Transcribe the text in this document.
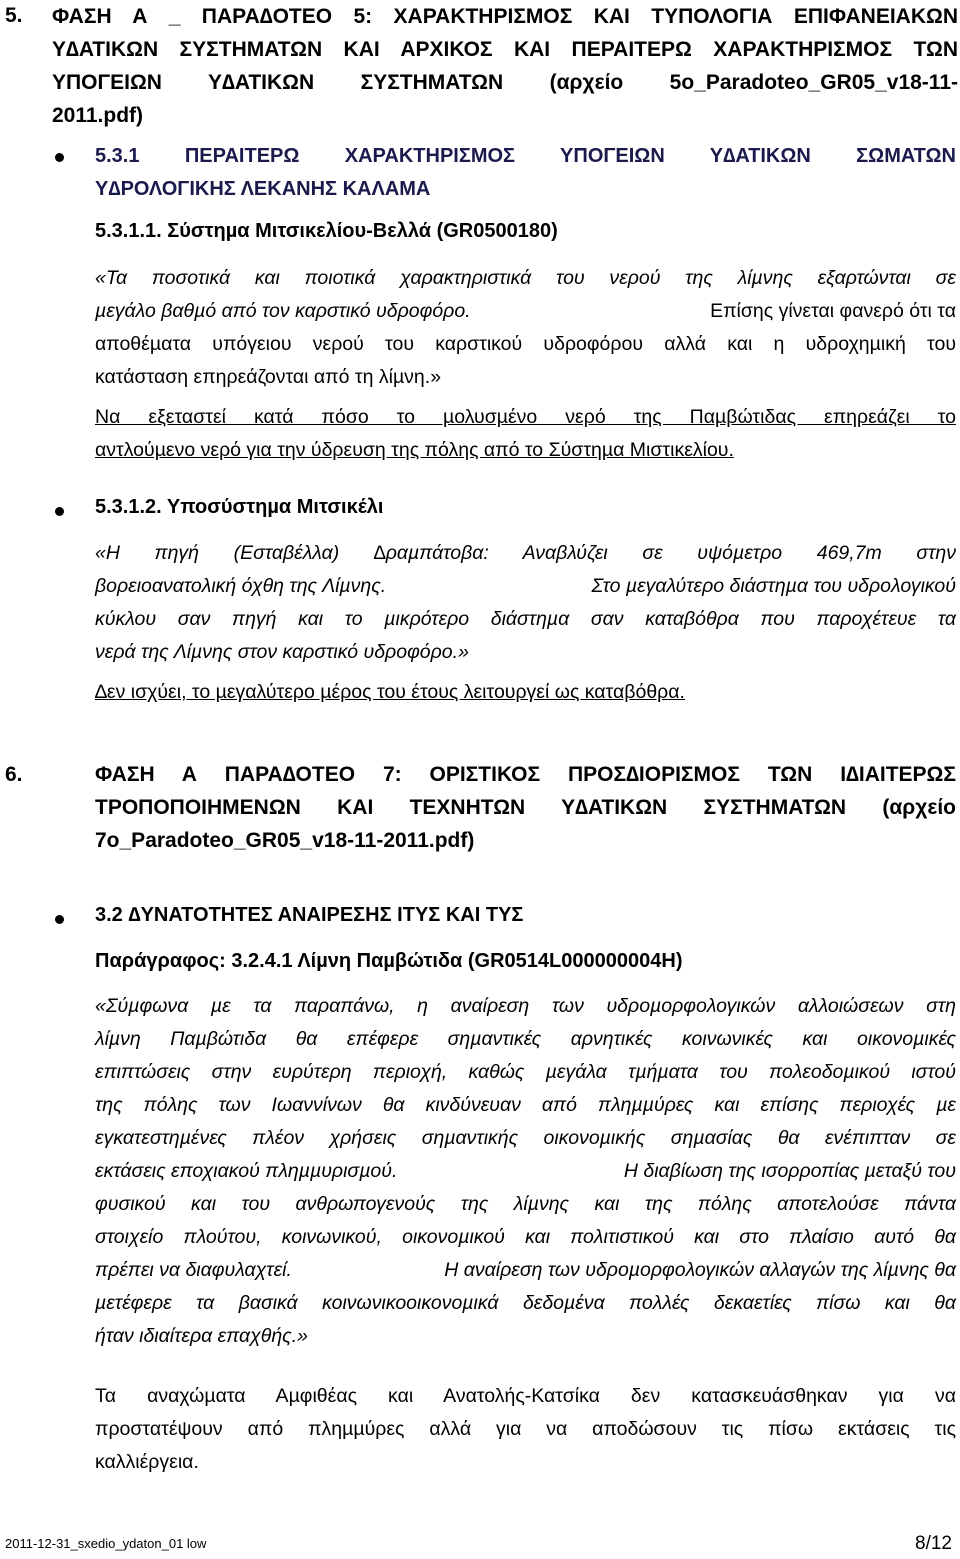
5. ΦΑΣΗ Α _ ΠΑΡΑ∆ΟΤΕΟ 5: ΧΑΡΑΚΤΗΡΙΣΜΟΣ ΚΑΙ ΤΥΠΟΛΟΓΙΑ ΕΠΙΦΑΝΕΙΑΚΩΝ
Υ∆ΑΤΙΚΩΝ ΣΥΣΤΗΜΑΤΩΝ ΚΑΙ ΑΡΧΙΚΟΣ ΚΑΙ ΠΕΡΑΙΤΕΡΩ ΧΑΡΑΚΤΗΡΙΣΜΟΣ ΤΩΝ
ΥΠΟΓΕΙΩΝ Υ∆ΑΤΙΚΩΝ ΣΥΣΤΗΜΑΤΩΝ (αρχείο 5o_Paradoteo_GR05_v18-11-
2011.pdf)
5.3.1 ΠΕΡΑΙΤΕΡΩ ΧΑΡΑΚΤΗΡΙΣΜΟΣ ΥΠΟΓΕΙΩΝ Υ∆ΑΤΙΚΩΝ ΣΩΜΑΤΩΝ
Υ∆ΡΟΛΟΓΙΚΗΣ ΛΕΚΑΝΗΣ ΚΑΛΑΜΑ
5.3.1.1. Σύστηµα Μιτσικελίου-Βελλά (GR0500180)
«Τα ποσοτικά και ποιοτικά χαρακτηριστικά του νερού της λίµνης εξαρτώνται σε
µεγάλο βαθµό από τον καρστικό υδροφόρο.	Επίσης γίνεται φανερό ότι τα
αποθέµατα υπόγειου νερού του καρστικού υδροφόρου αλλά και η υδροχηµική του
κατάσταση επηρεάζονται από τη λίµνη.»
Να εξεταστεί κατά πόσο το µολυσµένο νερό της Παµβώτιδας επηρεάζει το
αντλούµενο νερό για την ύδρευση της πόλης από το Σύστηµα Μιστικελίου.
5.3.1.2. Υποσύστηµα Μιτσικέλι
«Η πηγή (Εσταβέλλα) ∆ραµπάτοβα: Αναβλύζει σε υψόµετρο 469,7m στην
βορειοανατολική όχθη της Λίµνης.	Στο µεγαλύτερο διάστηµα του υδρολογικού
κύκλου σαν πηγή και το µικρότερο διάστηµα σαν καταβόθρα που παροχέτευε τα
νερά της Λίµνης στον καρστικό υδροφόρο.»
∆εν ισχύει, το µεγαλύτερο µέρος του έτους λειτουργεί ως καταβόθρα.
6.	ΦΑΣΗ Α ΠΑΡΑ∆ΟΤΕΟ 7: ΟΡΙΣΤΙΚΟΣ ΠΡΟΣ∆ΙΟΡΙΣΜΟΣ ΤΩΝ Ι∆ΙΑΙΤΕΡΩΣ
ΤΡΟΠΟΠΟΙΗΜΕΝΩΝ ΚΑΙ ΤΕΧΝΗΤΩΝ Υ∆ΑΤΙΚΩΝ ΣΥΣΤΗΜΑΤΩΝ (αρχείο
7o_Paradoteo_GR05_v18-11-2011.pdf)
3.2 ∆ΥΝΑΤΟΤΗΤΕΣ ΑΝΑΙΡΕΣΗΣ ΙΤΥΣ ΚΑΙ ΤΥΣ
Παράγραφος: 3.2.4.1 Λίµνη Παµβώτιδα (GR0514L000000004H)
«Σύµφωνα µε τα παραπάνω, η αναίρεση των υδροµορφολογικών αλλοιώσεων στη
λίµνη Παµβώτιδα θα επέφερε σηµαντικές αρνητικές κοινωνικές και οικονοµικές
επιπτώσεις στην ευρύτερη περιοχή, καθώς µεγάλα τµήµατα του πολεοδοµικού ιστού
της πόλης των Ιωαννίνων θα κινδύνευαν από πληµµύρες και επίσης περιοχές µε
εγκατεστηµένες πλέον χρήσεις σηµαντικής οικονοµικής σηµασίας θα ενέπιπταν σε
εκτάσεις εποχιακού πληµµυρισµού.	Η διαβίωση της ισορροπίας µεταξύ του
φυσικού και του ανθρωπογενούς της λίµνης και της πόλης αποτελούσε πάντα
στοιχείο πλούτου, κοινωνικού, οικονοµικού και πολιτιστικού και στο πλαίσιο αυτό θα
πρέπει να διαφυλαχτεί.	Η αναίρεση των υδροµορφολογικών αλλαγών της λίµνης θα
µετέφερε τα βασικά κοινωνικοοικονοµικά δεδοµένα πολλές δεκαετίες πίσω και θα
ήταν ιδιαίτερα επαχθής.»
Τα αναχώµατα Αµφιθέας και Ανατολής-Κατσίκα δεν κατασκευάσθηκαν για να
προστατέψουν από πληµµύρες αλλά για να αποδώσουν τις πίσω εκτάσεις τις
καλλιέργεια.
2011-12-31_sxedio_ydaton_01 low	8/12
